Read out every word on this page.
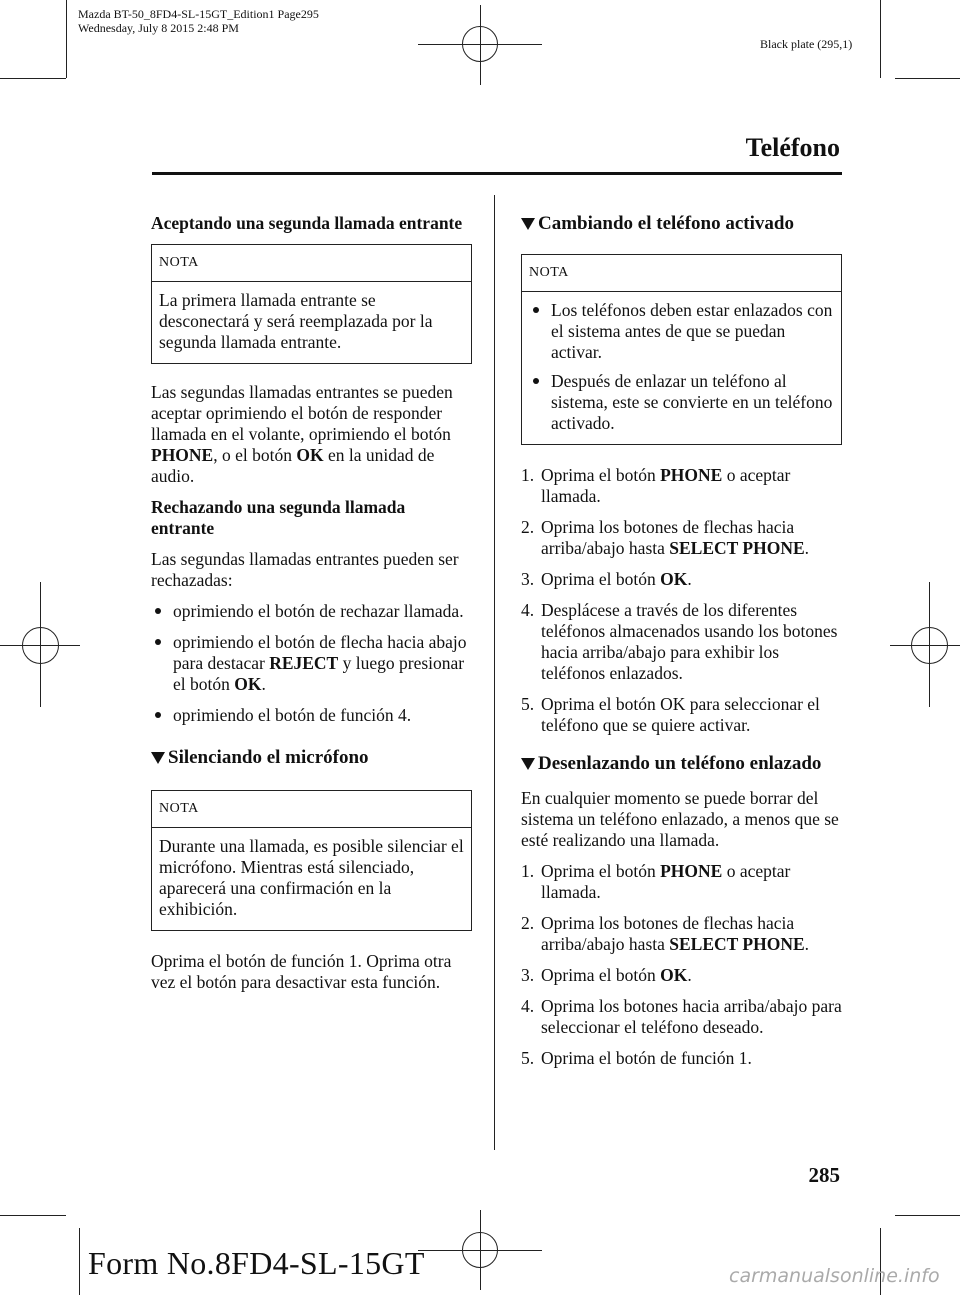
Mazda BT-50_8FD4-SL-15GT_Edition1 Page295
Wednesday, July 8 2015 2:48 PM
Black plate (295,1)
Teléfono

Aceptando una segunda llamada entrante

NOTA
La primera llamada entrante se desconectará y será reemplazada por la segunda llamada entrante.

Las segundas llamadas entrantes se pueden aceptar oprimiendo el botón de responder llamada en el volante, oprimiendo el botón PHONE, o el botón OK en la unidad de audio.

Rechazando una segunda llamada entrante

Las segundas llamadas entrantes pueden ser rechazadas:

oprimiendo el botón de rechazar llamada.
oprimiendo el botón de flecha hacia abajo para destacar REJECT y luego presionar el botón OK.
oprimiendo el botón de función 4.
Silenciando el micrófono
NOTA
Durante una llamada, es posible silenciar el micrófono. Mientras está silenciado, aparecerá una confirmación en la exhibición.

Oprima el botón de función 1. Oprima otra vez el botón para desactivar esta función.

Cambiando el teléfono activado
NOTA
Los teléfonos deben estar enlazados con el sistema antes de que se puedan activar.
Después de enlazar un teléfono al sistema, este se convierte en un teléfono activado.
1. Oprima el botón PHONE o aceptar llamada.
2. Oprima los botones de flechas hacia arriba/abajo hasta SELECT PHONE.
3. Oprima el botón OK.
4. Desplácese a través de los diferentes teléfonos almacenados usando los botones hacia arriba/abajo para exhibir los teléfonos enlazados.
5. Oprima el botón OK para seleccionar el teléfono que se quiere activar.
Desenlazando un teléfono enlazado

En cualquier momento se puede borrar del sistema un teléfono enlazado, a menos que se esté realizando una llamada.

1. Oprima el botón PHONE o aceptar llamada.
2. Oprima los botones de flechas hacia arriba/abajo hasta SELECT PHONE.
3. Oprima el botón OK.
4. Oprima los botones hacia arriba/abajo para seleccionar el teléfono deseado.
5. Oprima el botón de función 1.
285
Form No.8FD4-SL-15GT	carmanualsonline.info
